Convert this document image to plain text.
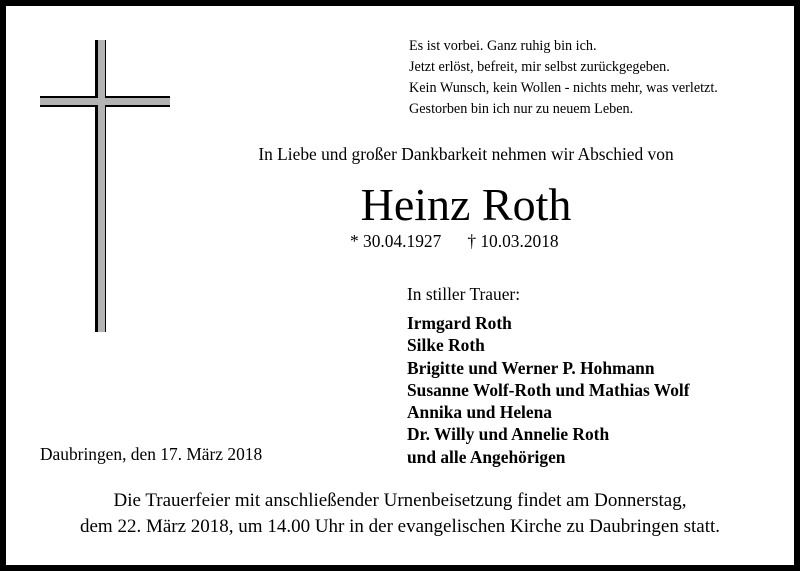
Es ist vorbei. Ganz ruhig bin ich.
Jetzt erlöst, befreit, mir selbst zurückgegeben.
Kein Wunsch, kein Wollen - nichts mehr, was verletzt.
Gestorben bin ich nur zu neuem Leben.
In Liebe und großer Dankbarkeit nehmen wir Abschied von
Heinz Roth
* 30.04.1927 † 10.03.2018
In stiller Trauer:
Irmgard Roth
Silke Roth
Brigitte und Werner P. Hohmann
Susanne Wolf-Roth und Mathias Wolf
Annika und Helena
Dr. Willy und Annelie Roth
und alle Angehörigen
Daubringen, den 17. März 2018
Die Trauerfeier mit anschließender Urnenbeisetzung findet am Donnerstag,
dem 22. März 2018, um 14.00 Uhr in der evangelischen Kirche zu Daubringen statt.
